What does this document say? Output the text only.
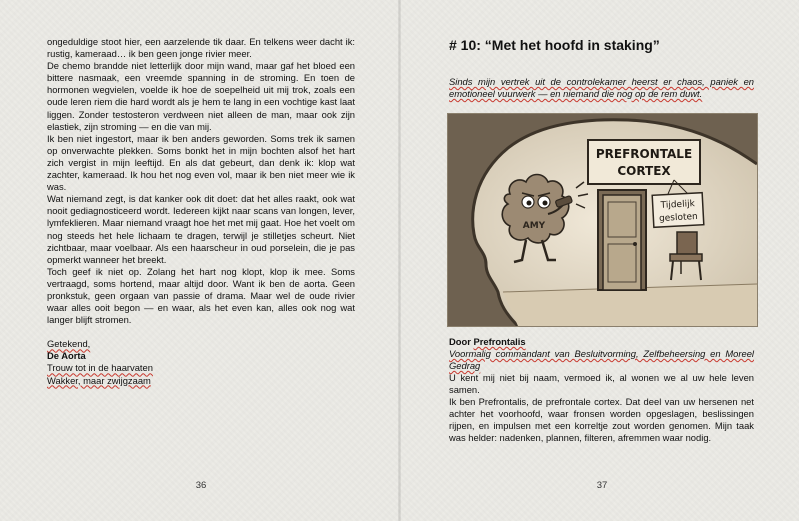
ongeduldige stoot hier, een aarzelende tik daar. En telkens weer dacht ik: rustig, kameraad… ik ben geen jonge rivier meer.

De chemo brandde niet letterlijk door mijn wand, maar gaf het bloed een bittere nasmaak, een vreemde spanning in de stroming. En toen de hormonen wegvielen, voelde ik hoe de soepelheid uit mij trok, zoals een oude leren riem die hard wordt als je hem te lang in een vochtige kast laat liggen. Zonder testosteron verdween niet alleen de man, maar ook zijn elastiek, zijn stroming — en die van mij.

Ik ben niet ingestort, maar ik ben anders geworden. Soms trek ik samen op onverwachte plekken. Soms bonkt het in mijn bochten alsof het hart zich vergist in mijn leeftijd. En als dat gebeurt, dan denk ik: klop wat zachter, kameraad. Ik hou het nog even vol, maar ik ben niet meer wie ik was.

Wat niemand zegt, is dat kanker ook dit doet: dat het alles raakt, ook wat nooit gediagnosticeerd wordt. Iedereen kijkt naar scans van longen, lever, lymfeklieren. Maar niemand vraagt hoe het met mij gaat. Hoe het voelt om nog steeds het hele lichaam te dragen, terwijl je stilletjes scheurt. Niet zichtbaar, maar voelbaar. Als een haarscheur in oud porselein, die je pas opmerkt wanneer het breekt.

Toch geef ik niet op. Zolang het hart nog klopt, klop ik mee. Soms vertraagd, soms hortend, maar altijd door. Want ik ben de aorta. Geen pronkstuk, geen orgaan van passie of drama. Maar wel de oude rivier waar alles ooit begon — en waar, als het even kan, alles ook nog wat langer blijft stromen.

Getekend,
De Aorta
Trouw tot in de haarvaten
Wakker, maar zwijgzaam
36
# 10: “Met het hoofd in staking”
Sinds mijn vertrek uit de controlekamer heerst er chaos, paniek en emotioneel vuurwerk — en niemand die nog op de rem duwt.
PREFRONTALE
CORTEX
Tijdelijk
gesloten
AMY
Door Prefrontalis
Voormalig commandant van Besluitvorming, Zelfbeheersing en Moreel Gedrag

U kent mij niet bij naam, vermoed ik, al wonen we al uw hele leven samen.

Ik ben Prefrontalis, de prefrontale cortex. Dat deel van uw hersenen net achter het voorhoofd, waar fronsen worden opgeslagen, beslissingen rijpen, en impulsen met een korreltje zout worden genomen. Mijn taak was helder: nadenken, plannen, filteren, afremmen waar nodig.

37
